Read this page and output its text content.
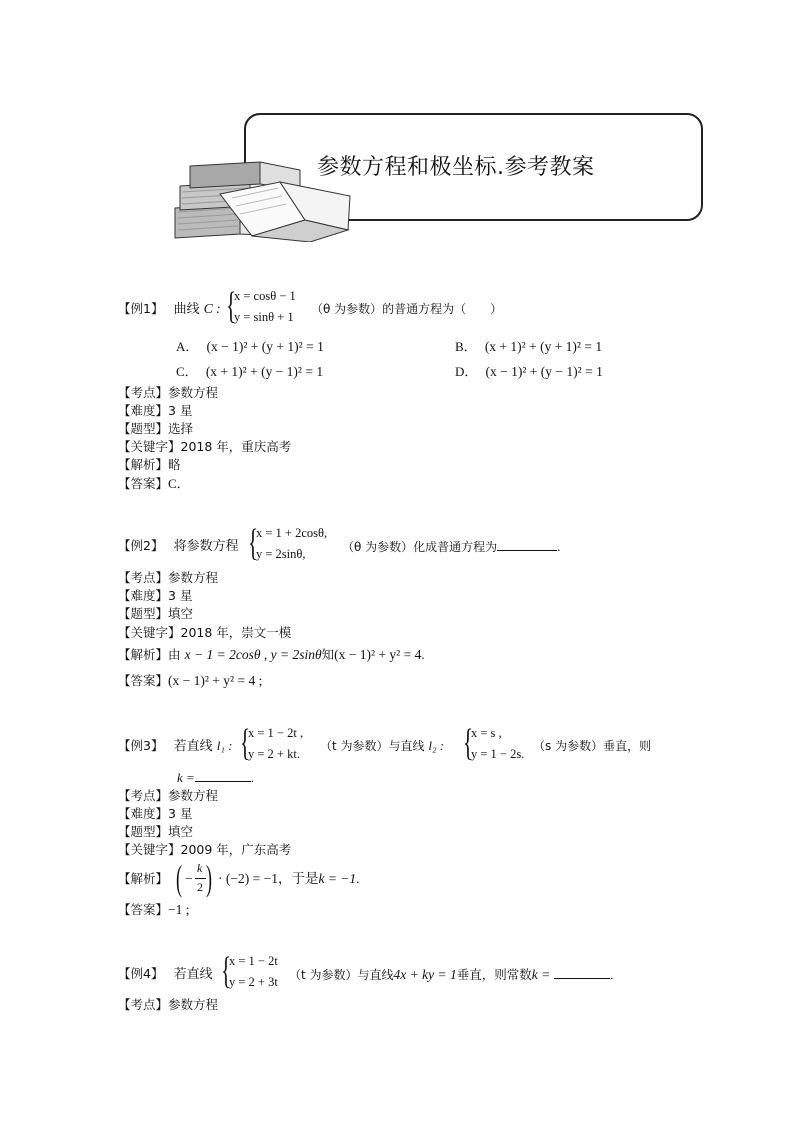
参数方程和极坐标.参考教案
【例1】 曲线 C : {
x = cosθ − 1
y = sinθ + 1
（θ 为参数）的普通方程为（　　）
A． (x − 1)² + (y + 1)² = 1	B． (x + 1)² + (y + 1)² = 1
C． (x + 1)² + (y − 1)² = 1	D． (x − 1)² + (y − 1)² = 1
【考点】参数方程
【难度】3 星
【题型】选择
【关键字】2018 年，重庆高考
【解析】略
【答案】C．
【例2】 将参数方程 {
x = 1 + 2cosθ,
y = 2sinθ,	（θ 为参数）化成普通方程为	.
【考点】参数方程
【难度】3 星
【题型】填空
【关键字】2018 年，崇文一模
【解析】由 x − 1 = 2cosθ , y = 2sinθ知(x − 1)² + y² = 4.
【答案】(x − 1)² + y² = 4 ;
【例3】 若直线 l₁ : {
x = 1 − 2t ,
y = 2 + kt.
（t 为参数）与直线 l₂ : {
x = s ,
y = 1 − 2s.
（s 为参数）垂直，则
k =	.
【考点】参数方程
【难度】3 星
【题型】填空
【关键字】2009 年，广东高考
【解析】 ( −
k
2 ) · (−2) = −1，于是k = −1.
【答案】−1 ;
【例4】 若直线 {
x = 1 − 2t
y = 2 + 3t （t 为参数）与直线4x + ky = 1垂直，则常数k =	.
【考点】参数方程
